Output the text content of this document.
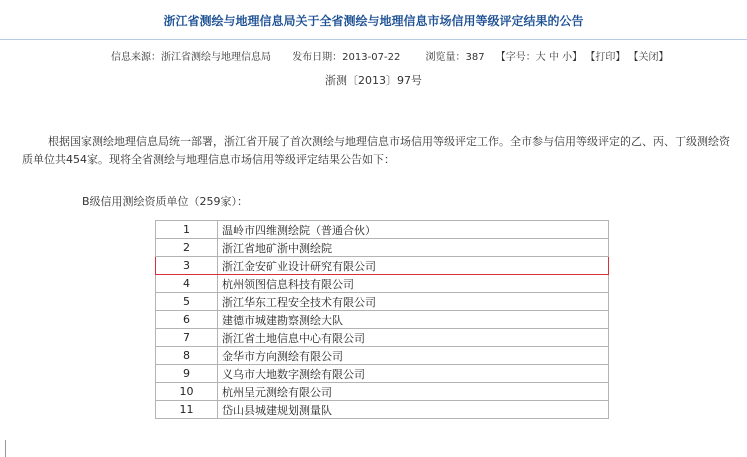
浙江省测绘与地理信息局关于全省测绘与地理信息市场信用等级评定结果的公告
信息来源：浙江省测绘与地理信息局 发布日期：2013-07-22	浏览量：387 【字号：大 中 小】 【打印】 【关闭】
浙测〔2013〕97号

根据国家测绘地理信息局统一部署，浙江省开展了首次测绘与地理信息市场信用等级评定工作。全市参与信用等级评定的乙、丙、丁级测绘资质单位共454家。现将全省测绘与地理信息市场信用等级评定结果公告如下：

B级信用测绘资质单位（259家）：
1	温岭市四维测绘院（普通合伙）
2	浙江省地矿浙中测绘院
3	浙江金安矿业设计研究有限公司
4	杭州领图信息科技有限公司
5	浙江华东工程安全技术有限公司
6	建德市城建勘察测绘大队
7	浙江省土地信息中心有限公司
8	金华市方向测绘有限公司
9	义乌市大地数字测绘有限公司
10	杭州呈元测绘有限公司
11	岱山县城建规划测量队
